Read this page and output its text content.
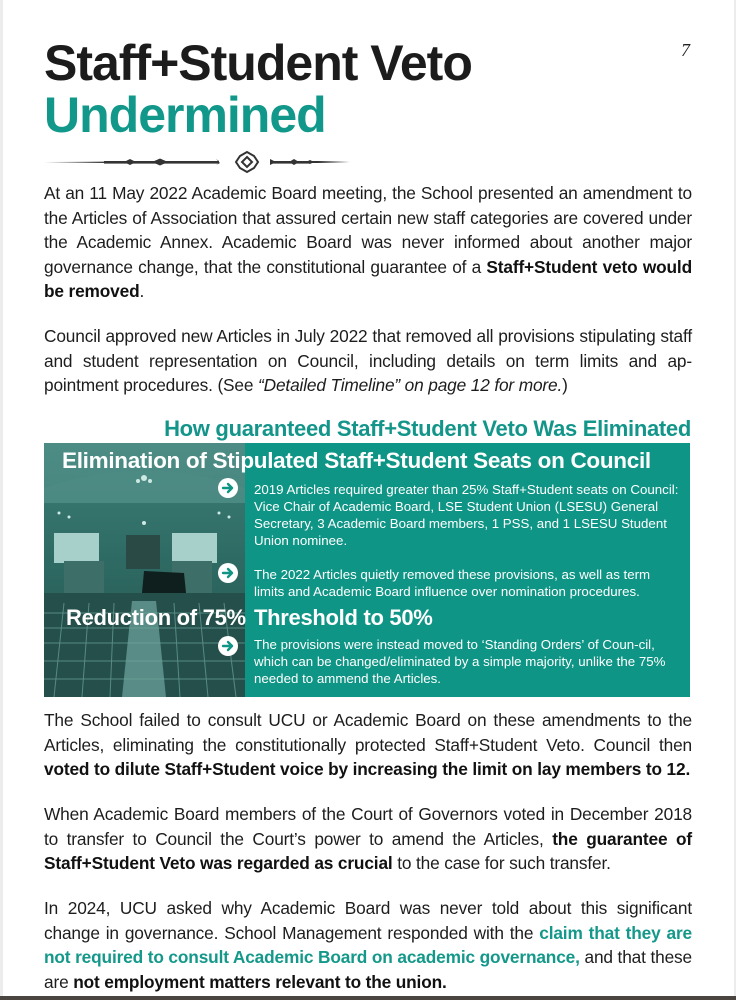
Staff+Student Veto
Undermined
7
At an 11 May 2022 Academic Board meeting, the School presented an amendment to the Articles of Association that assured certain new staff categories are covered under the Academic Annex. Academic Board was never informed about another major governance change, that the constitutional guarantee of a Staff+Student veto would be removed.
Council approved new Articles in July 2022 that removed all provisions stipulating staff and student representation on Council, including details on term limits and ap-pointment procedures. (See “Detailed Timeline” on page 12 for more.)
How guaranteed Staff+Student Veto Was Eliminated
Elimination of Stipulated Staff+Student Seats on Council
2019 Articles required greater than 25% Staff+Student seats on Council: Vice Chair of Academic Board, LSE Student Union (LSESU) General Secretary, 3 Academic Board members, 1 PSS, and 1 LSESU Student Union nominee.
The 2022 Articles quietly removed these provisions, as well as term limits and Academic Board influence over nomination procedures.
Reduction of 75% Threshold to 50%
The provisions were instead moved to ‘Standing Orders’ of Coun-cil, which can be changed/eliminated by a simple majority, unlike the 75% needed to ammend the Articles.
The School failed to consult UCU or Academic Board on these amendments to the Articles, eliminating the constitutionally protected Staff+Student Veto. Council then voted to dilute Staff+Student voice by increasing the limit on lay members to 12.
When Academic Board members of the Court of Governors voted in December 2018 to transfer to Council the Court’s power to amend the Articles, the guarantee of Staff+Student Veto was regarded as crucial to the case for such transfer.
In 2024, UCU asked why Academic Board was never told about this significant change in governance. School Management responded with the claim that they are not required to consult Academic Board on academic governance, and that these are not employment matters relevant to the union.
